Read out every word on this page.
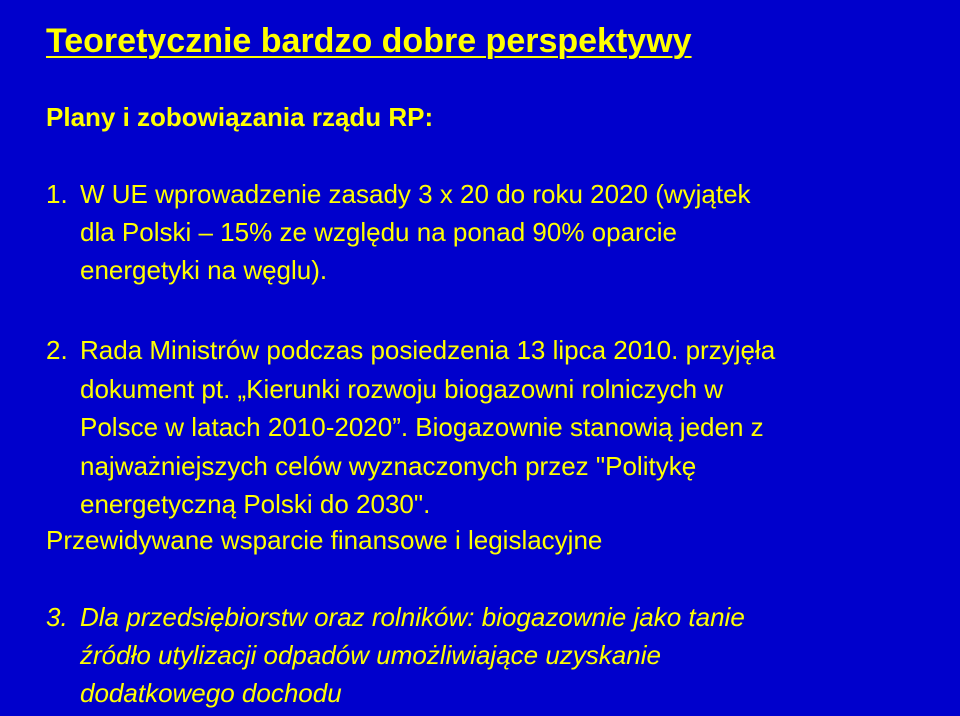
Teoretycznie bardzo dobre perspektywy
Plany i zobowiązania rządu RP:
1. W UE wprowadzenie zasady 3 x 20 do roku 2020 (wyjątek
dla Polski – 15% ze względu na ponad 90% oparcie
energetyki na węglu).
2. Rada Ministrów podczas posiedzenia 13 lipca 2010. przyjęła
dokument pt. „Kierunki rozwoju biogazowni rolniczych w
Polsce w latach 2010-2020”. Biogazownie stanowią jeden z
najważniejszych celów wyznaczonych przez "Politykę
energetyczną Polski do 2030".
Przewidywane wsparcie finansowe i legislacyjne
3. Dla przedsiębiorstw oraz rolników: biogazownie jako tanie
źródło utylizacji odpadów umożliwiające uzyskanie
dodatkowego dochodu
